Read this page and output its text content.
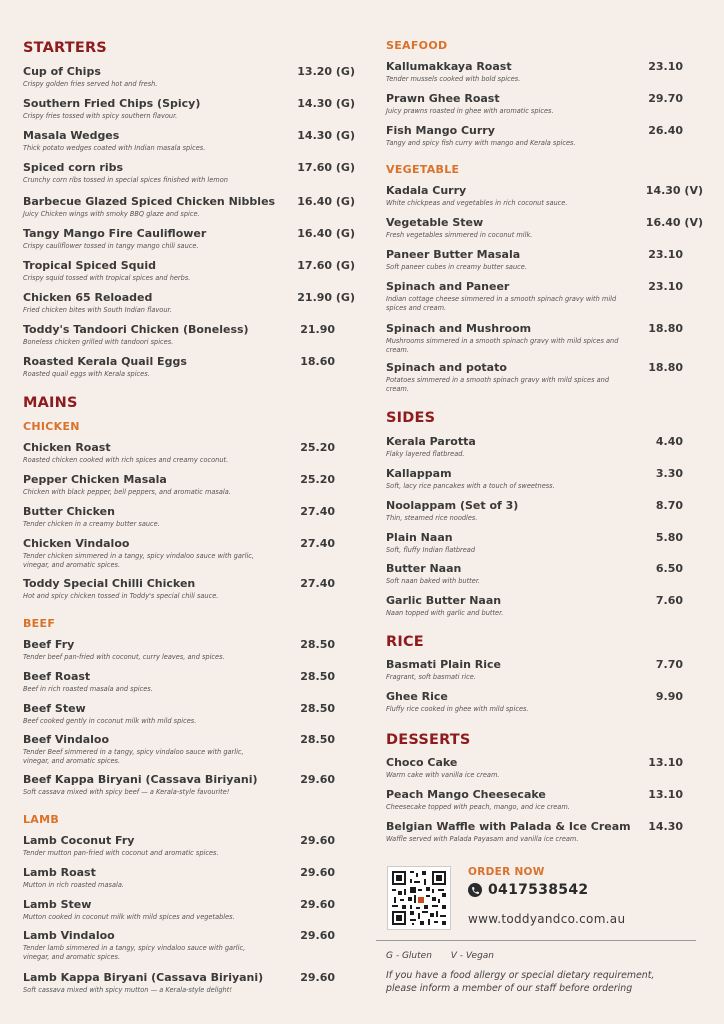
STARTERS
Cup of Chips
Crispy golden fries served hot and fresh.
13.20 (G)
Southern Fried Chips (Spicy)
Crispy fries tossed with spicy southern flavour.
14.30 (G)
Masala Wedges
Thick potato wedges coated with Indian masala spices.
14.30 (G)
Spiced corn ribs
Crunchy corn ribs tossed in special spices finished with lemon
17.60 (G)
Barbecue Glazed Spiced Chicken Nibbles
Juicy Chicken wings with smoky BBQ glaze and spice.
16.40 (G)
Tangy Mango Fire Cauliflower
Crispy cauliflower tossed in tangy mango chili sauce.
16.40 (G)
Tropical Spiced Squid
Crispy squid tossed with tropical spices and herbs.
17.60 (G)
Chicken 65 Reloaded
Fried chicken bites with South Indian flavour.
21.90 (G)
Toddy's Tandoori Chicken (Boneless)
Boneless chicken grilled with tandoori spices.
21.90
Roasted Kerala Quail Eggs
Roasted quail eggs with Kerala spices.
18.60
MAINS
CHICKEN
Chicken Roast
Roasted chicken cooked with rich spices and creamy coconut.
25.20
Pepper Chicken Masala
Chicken with black pepper, bell peppers, and aromatic masala.
25.20
Butter Chicken
Tender chicken in a creamy butter sauce.
27.40
Chicken Vindaloo
Tender chicken simmered in a tangy, spicy vindaloo sauce with garlic, vinegar, and aromatic spices.
27.40
Toddy Special Chilli Chicken
Hot and spicy chicken tossed in Toddy's special chili sauce.
27.40
BEEF
Beef Fry
Tender beef pan-fried with coconut, curry leaves, and spices.
28.50
Beef Roast
Beef in rich roasted masala and spices.
28.50
Beef Stew
Beef cooked gently in coconut milk with mild spices.
28.50
Beef Vindaloo
Tender Beef simmered in a tangy, spicy vindaloo sauce with garlic, vinegar, and aromatic spices.
28.50
Beef Kappa Biryani (Cassava Biriyani)
Soft cassava mixed with spicy beef — a Kerala-style favourite!
29.60
LAMB
Lamb Coconut Fry
Tender mutton pan-fried with coconut and aromatic spices.
29.60
Lamb Roast
Mutton in rich roasted masala.
29.60
Lamb Stew
Mutton cooked in coconut milk with mild spices and vegetables.
29.60
Lamb Vindaloo
Tender lamb simmered in a tangy, spicy vindaloo sauce with garlic, vinegar, and aromatic spices.
29.60
Lamb Kappa Biryani (Cassava Biriyani)
Soft cassava mixed with spicy mutton — a Kerala-style delight!
29.60
SEAFOOD
Kallumakkaya Roast
Tender mussels cooked with bold spices.
23.10
Prawn Ghee Roast
Juicy prawns roasted in ghee with aromatic spices.
29.70
Fish Mango Curry
Tangy and spicy fish curry with mango and Kerala spices.
26.40
VEGETABLE
Kadala Curry
White chickpeas and vegetables in rich coconut sauce.
14.30 (V)
Vegetable Stew
Fresh vegetables simmered in coconut milk.
16.40 (V)
Paneer Butter Masala
Soft paneer cubes in creamy butter sauce.
23.10
Spinach and Paneer
Indian cottage cheese simmered in a smooth spinach gravy with mild spices and cream.
23.10
Spinach and Mushroom
Mushrooms simmered in a smooth spinach gravy with mild spices and cream.
18.80
Spinach and potato
Potatoes simmered in a smooth spinach gravy with mild spices and cream.
18.80
SIDES
Kerala Parotta
Flaky layered flatbread.
4.40
Kallappam
Soft, lacy rice pancakes with a touch of sweetness.
3.30
Noolappam (Set of 3)
Thin, steamed rice noodles.
8.70
Plain Naan
Soft, fluffy Indian flatbread
5.80
Butter Naan
Soft naan baked with butter.
6.50
Garlic Butter Naan
Naan topped with garlic and butter.
7.60
RICE
Basmati Plain Rice
Fragrant, soft basmati rice.
7.70
Ghee Rice
Fluffy rice cooked in ghee with mild spices.
9.90
DESSERTS
Choco Cake
Warm cake with vanilla ice cream.
13.10
Peach Mango Cheesecake
Cheesecake topped with peach, mango, and ice cream.
13.10
Belgian Waffle with Palada & Ice Cream
Waffle served with Palada Payasam and vanilla ice cream.
14.30
ORDER NOW
0417538542
www.toddyandco.com.au
G - Gluten V - Vegan
If you have a food allergy or special dietary requirement, please inform a member of our staff before ordering
